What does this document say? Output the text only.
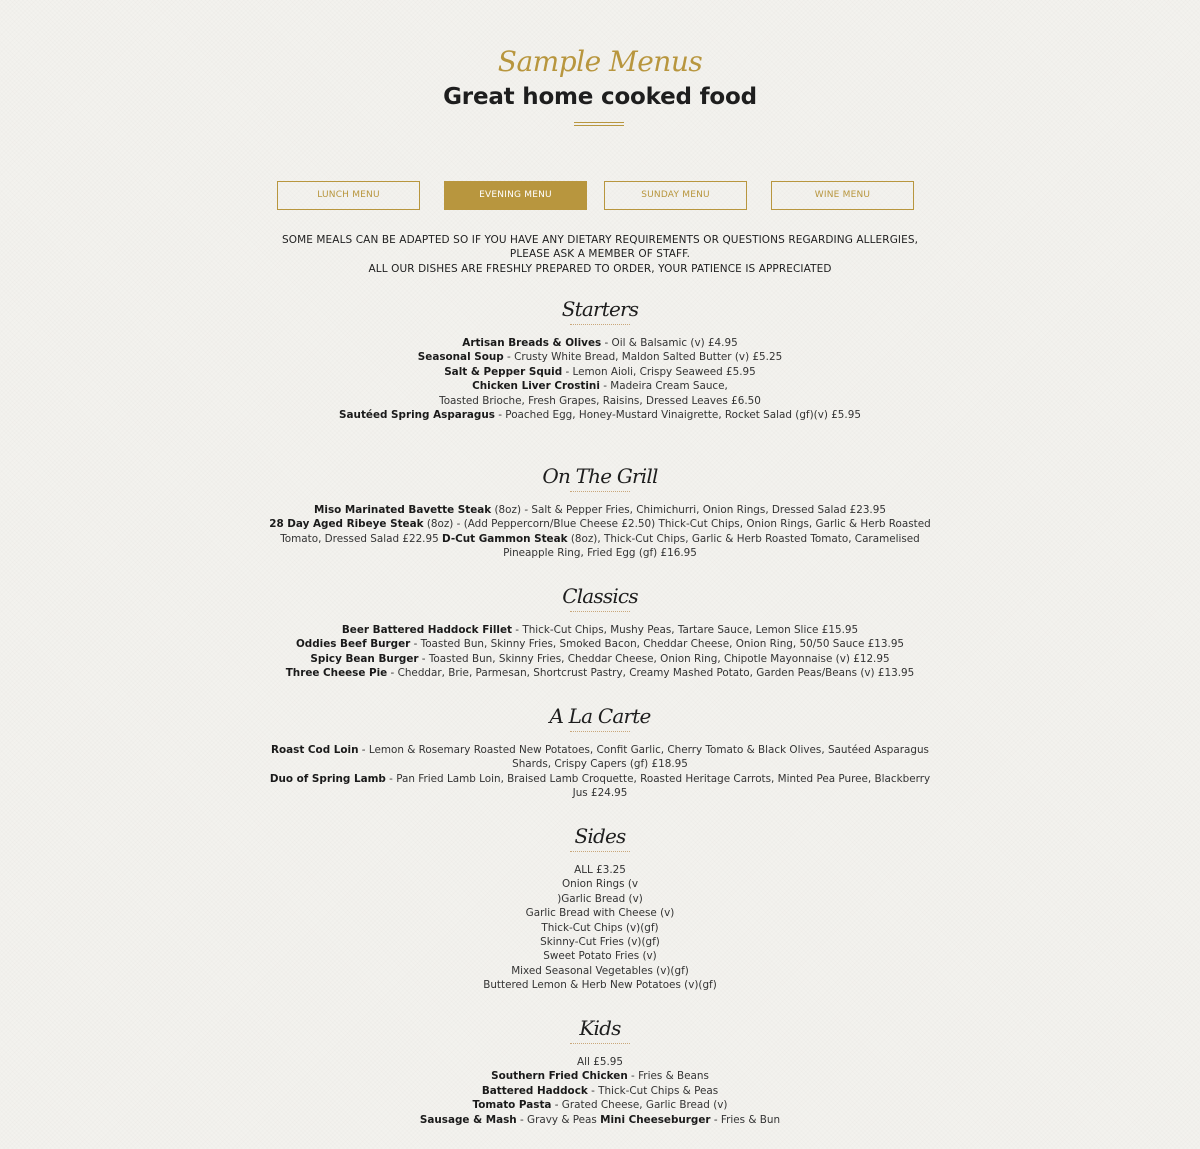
Sample Menus
Great home cooked food
LUNCH MENU	EVENING MENU	SUNDAY MENU	WINE MENU
SOME MEALS CAN BE ADAPTED SO IF YOU HAVE ANY DIETARY REQUIREMENTS OR QUESTIONS REGARDING ALLERGIES,
PLEASE ASK A MEMBER OF STAFF.
ALL OUR DISHES ARE FRESHLY PREPARED TO ORDER, YOUR PATIENCE IS APPRECIATED
Starters
Artisan Breads & Olives - Oil & Balsamic (v) £4.95
Seasonal Soup - Crusty White Bread, Maldon Salted Butter (v) £5.25
Salt & Pepper Squid - Lemon Aioli, Crispy Seaweed £5.95
Chicken Liver Crostini - Madeira Cream Sauce,
Toasted Brioche, Fresh Grapes, Raisins, Dressed Leaves £6.50
Sautéed Spring Asparagus - Poached Egg, Honey-Mustard Vinaigrette, Rocket Salad (gf)(v) £5.95
On The Grill
Miso Marinated Bavette Steak (8oz) - Salt & Pepper Fries, Chimichurri, Onion Rings, Dressed Salad £23.95
28 Day Aged Ribeye Steak (8oz) - (Add Peppercorn/Blue Cheese £2.50) Thick-Cut Chips, Onion Rings, Garlic & Herb Roasted
Tomato, Dressed Salad £22.95 D-Cut Gammon Steak (8oz), Thick-Cut Chips, Garlic & Herb Roasted Tomato, Caramelised
Pineapple Ring, Fried Egg (gf) £16.95
Classics
Beer Battered Haddock Fillet - Thick-Cut Chips, Mushy Peas, Tartare Sauce, Lemon Slice £15.95
Oddies Beef Burger - Toasted Bun, Skinny Fries, Smoked Bacon, Cheddar Cheese, Onion Ring, 50/50 Sauce £13.95
Spicy Bean Burger - Toasted Bun, Skinny Fries, Cheddar Cheese, Onion Ring, Chipotle Mayonnaise (v) £12.95
Three Cheese Pie - Cheddar, Brie, Parmesan, Shortcrust Pastry, Creamy Mashed Potato, Garden Peas/Beans (v) £13.95
A La Carte
Roast Cod Loin - Lemon & Rosemary Roasted New Potatoes, Confit Garlic, Cherry Tomato & Black Olives, Sautéed Asparagus
Shards, Crispy Capers (gf) £18.95
Duo of Spring Lamb - Pan Fried Lamb Loin, Braised Lamb Croquette, Roasted Heritage Carrots, Minted Pea Puree, Blackberry
Jus £24.95
Sides
ALL £3.25
Onion Rings (v
)Garlic Bread (v)
Garlic Bread with Cheese (v)
Thick-Cut Chips (v)(gf)
Skinny-Cut Fries (v)(gf)
Sweet Potato Fries (v)
Mixed Seasonal Vegetables (v)(gf)
Buttered Lemon & Herb New Potatoes (v)(gf)
Kids
All £5.95
Southern Fried Chicken - Fries & Beans
Battered Haddock - Thick-Cut Chips & Peas
Tomato Pasta - Grated Cheese, Garlic Bread (v)
Sausage & Mash - Gravy & Peas Mini Cheeseburger - Fries & Bun
